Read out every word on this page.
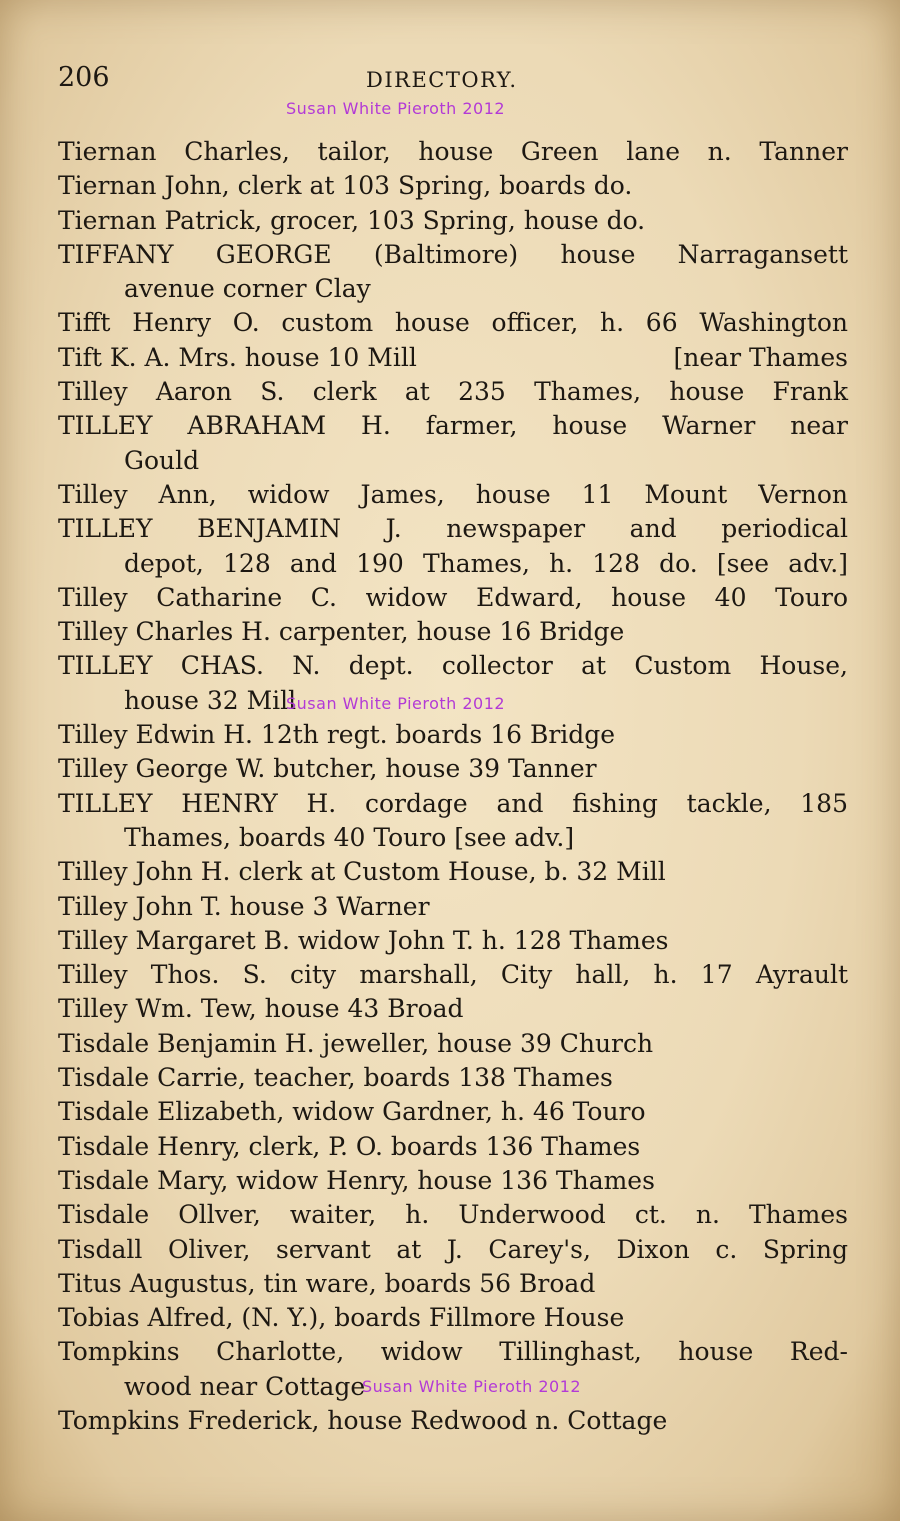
206	DIRECTORY.
Tiernan Charles, tailor, house Green lane n. Tanner
Tiernan John, clerk at 103 Spring, boards do.
Tiernan Patrick, grocer, 103 Spring, house do.
TIFFANY GEORGE (Baltimore) house Narragansett
avenue corner Clay
Tifft Henry O. custom house officer, h. 66 Washington
Tift K. A. Mrs. house 10 Mill	[near Thames
Tilley Aaron S. clerk at 235 Thames, house Frank
TILLEY ABRAHAM H. farmer, house Warner near
Gould
Tilley Ann, widow James, house 11 Mount Vernon
TILLEY BENJAMIN J. newspaper and periodical
depot, 128 and 190 Thames, h. 128 do. [see adv.]
Tilley Catharine C. widow Edward, house 40 Touro
Tilley Charles H. carpenter, house 16 Bridge
TILLEY CHAS. N. dept. collector at Custom House,
house 32 Mill
Tilley Edwin H. 12th regt. boards 16 Bridge
Tilley George W. butcher, house 39 Tanner
TILLEY HENRY H. cordage and fishing tackle, 185
Thames, boards 40 Touro [see adv.]
Tilley John H. clerk at Custom House, b. 32 Mill
Tilley John T. house 3 Warner
Tilley Margaret B. widow John T. h. 128 Thames
Tilley Thos. S. city marshall, City hall, h. 17 Ayrault
Tilley Wm. Tew, house 43 Broad
Tisdale Benjamin H. jeweller, house 39 Church
Tisdale Carrie, teacher, boards 138 Thames
Tisdale Elizabeth, widow Gardner, h. 46 Touro
Tisdale Henry, clerk, P. O. boards 136 Thames
Tisdale Mary, widow Henry, house 136 Thames
Tisdale Ollver, waiter, h. Underwood ct. n. Thames
Tisdall Oliver, servant at J. Carey's, Dixon c. Spring
Titus Augustus, tin ware, boards 56 Broad
Tobias Alfred, (N. Y.), boards Fillmore House
Tompkins Charlotte, widow Tillinghast, house Red-
wood near Cottage
Tompkins Frederick, house Redwood n. Cottage
Susan White Pieroth 2012
Susan White Pieroth 2012
Susan White Pieroth 2012
